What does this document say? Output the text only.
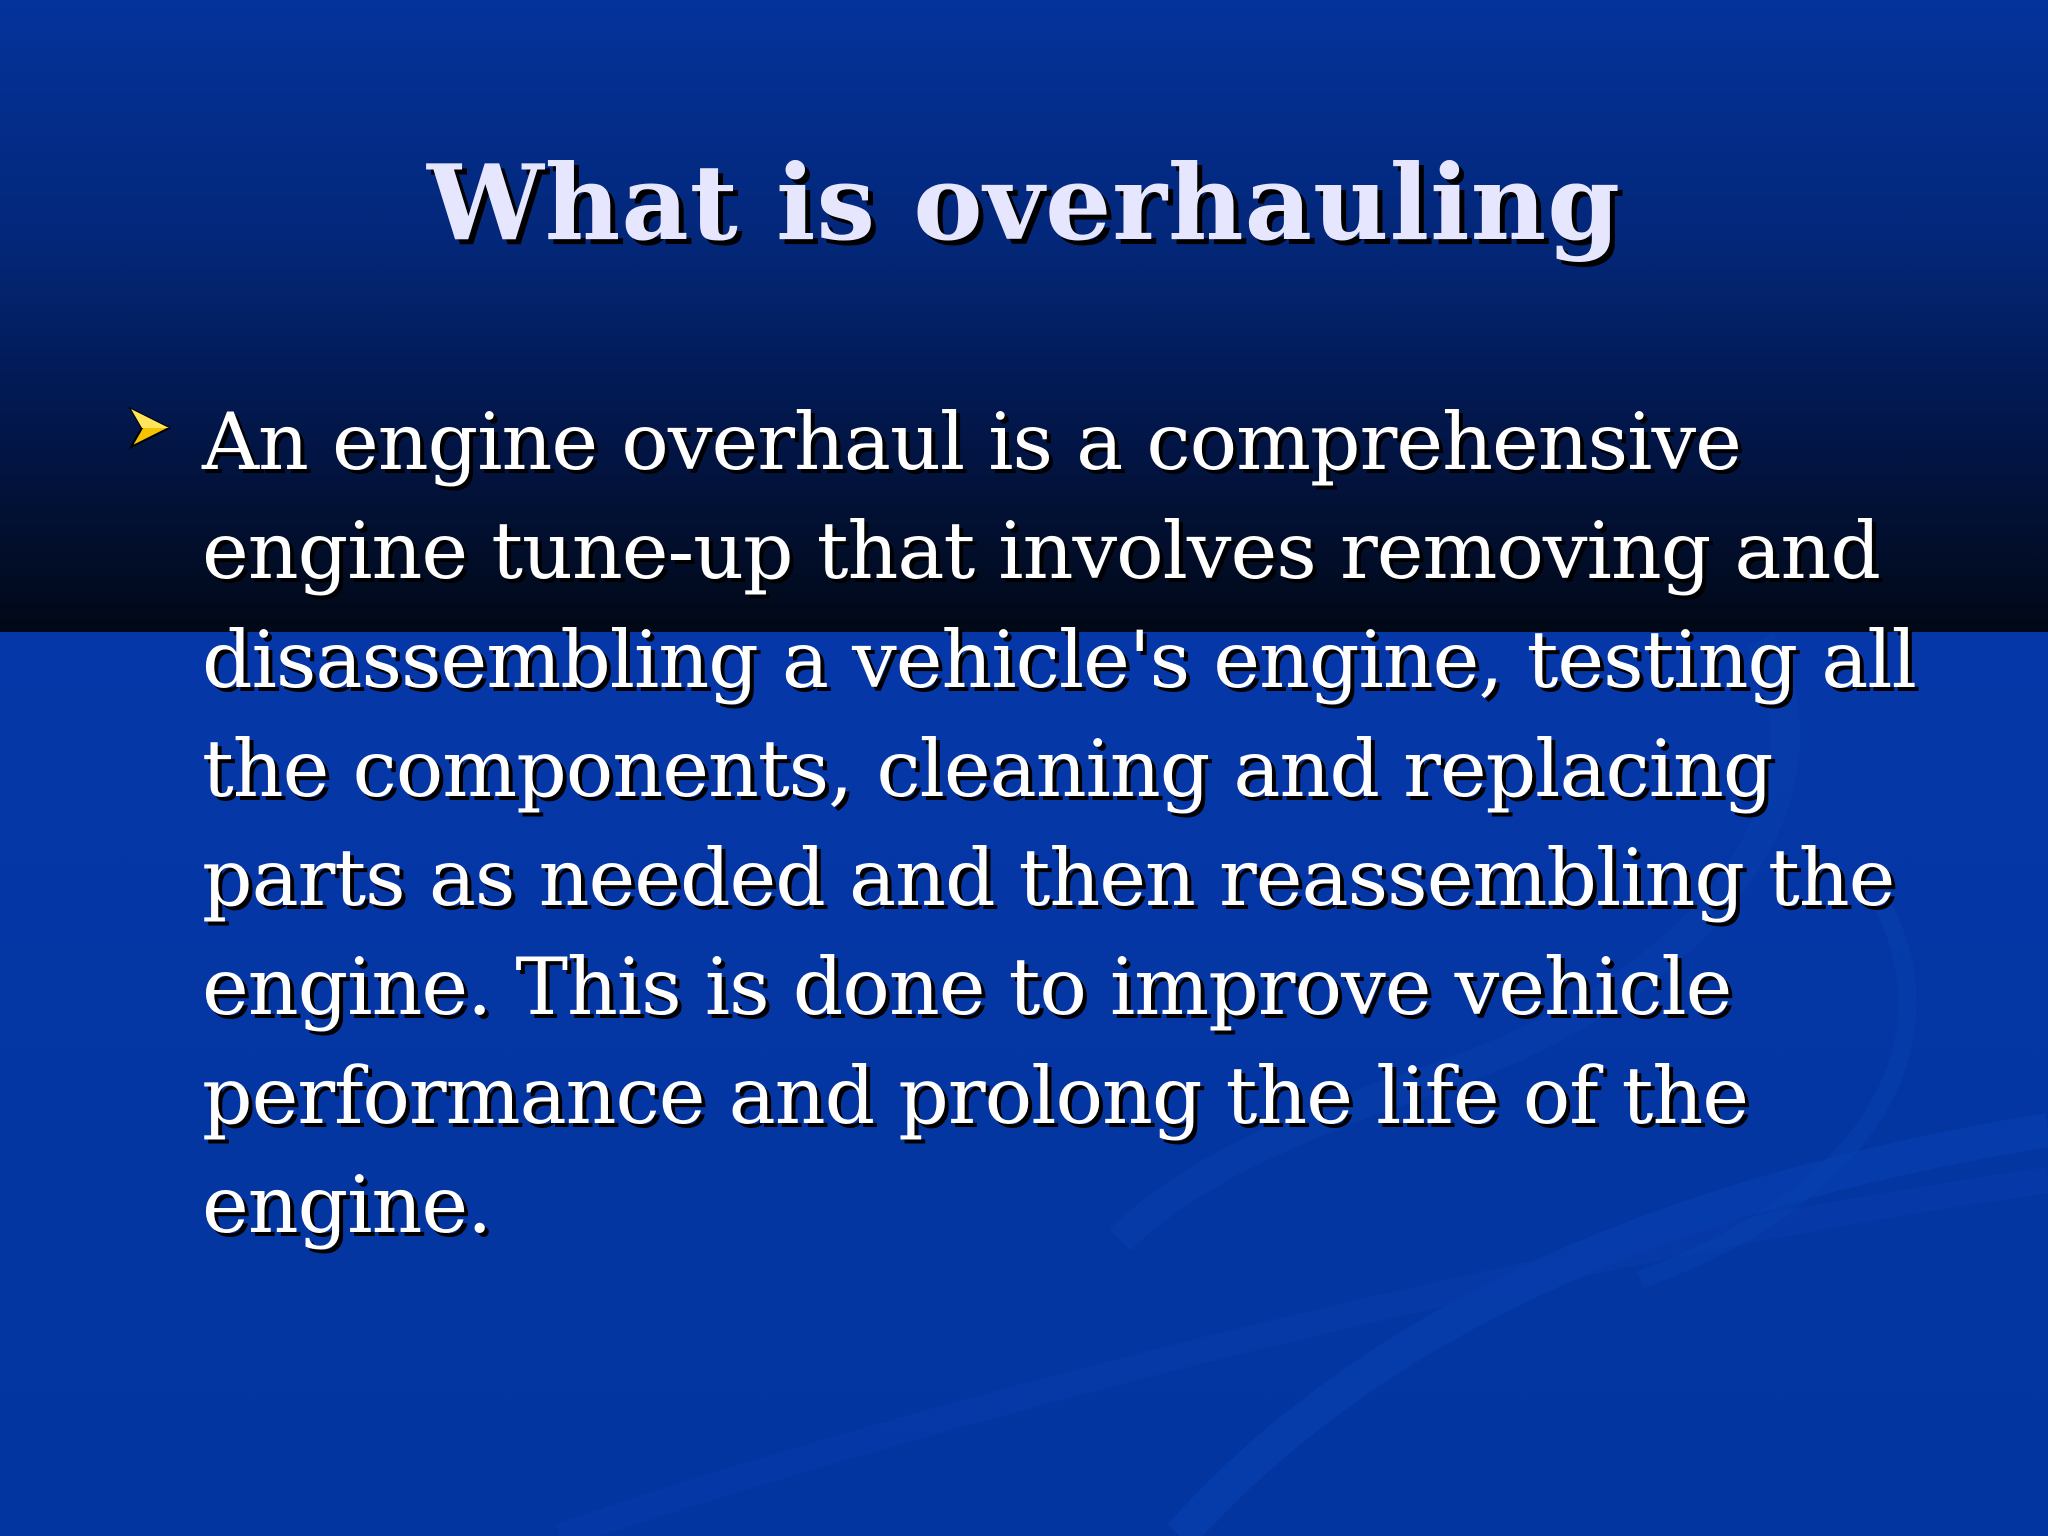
What is overhauling
An engine overhaul is a comprehensive engine tune-up that involves removing and disassembling a vehicle's engine, testing all the components, cleaning and replacing parts as needed and then reassembling the engine. This is done to improve vehicle performance and prolong the life of the engine.
